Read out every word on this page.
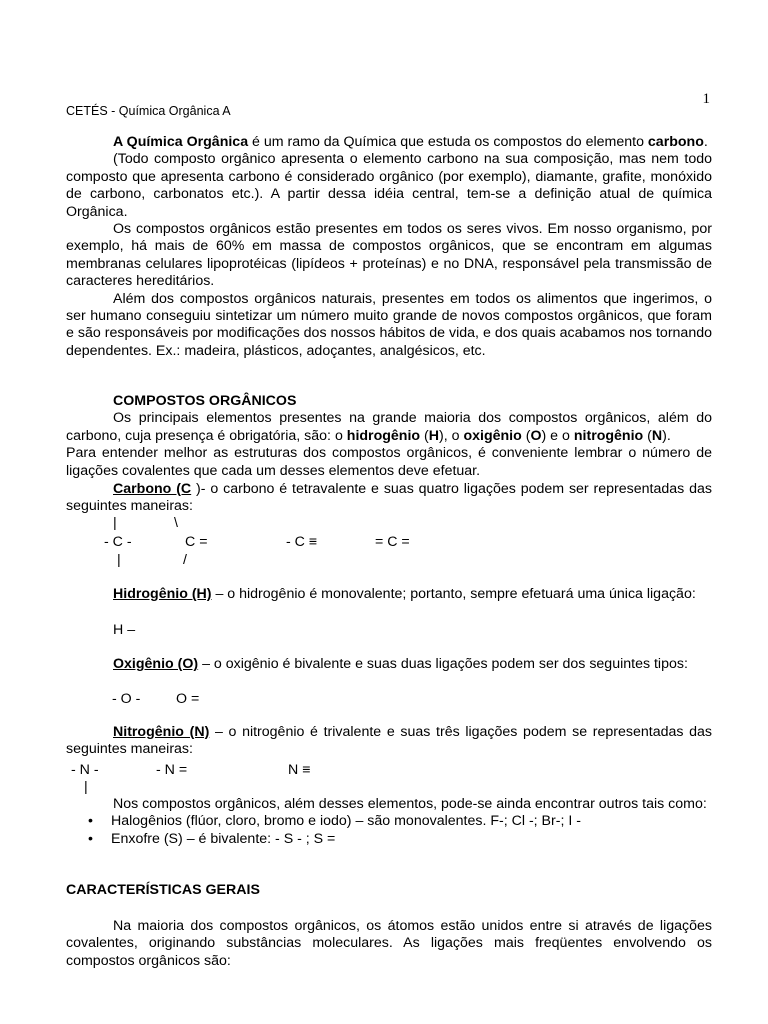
1
CETÉS - Química Orgânica A

A Química Orgânica é um ramo da Química que estuda os compostos do elemento carbono.

(Todo composto orgânico apresenta o elemento carbono na sua composição, mas nem todo composto que apresenta carbono é considerado orgânico (por exemplo), diamante, grafite, monóxido de carbono, carbonatos etc.). A partir dessa idéia central, tem-se a definição atual de química Orgânica.

Os compostos orgânicos estão presentes em todos os seres vivos. Em nosso organismo, por exemplo, há mais de 60% em massa de compostos orgânicos, que se encontram em algumas membranas celulares lipoprotéicas (lipídeos + proteínas) e no DNA, responsável pela transmissão de caracteres hereditários.

Além dos compostos orgânicos naturais, presentes em todos os alimentos que ingerimos, o ser humano conseguiu sintetizar um número muito grande de novos compostos orgânicos, que foram e são responsáveis por modificações dos nossos hábitos de vida, e dos quais acabamos nos tornando dependentes. Ex.: madeira, plásticos, adoçantes, analgésicos, etc.

COMPOSTOS ORGÂNICOS

Os principais elementos presentes na grande maioria dos compostos orgânicos, além do carbono, cuja presença é obrigatória, são: o hidrogênio (H), o oxigênio (O) e o nitrogênio (N).

Para entender melhor as estruturas dos compostos orgânicos, é conveniente lembrar o número de ligações covalentes que cada um desses elementos deve efetuar.

Carbono (C )- o carbono é tetravalente e suas quatro ligações podem ser representadas das seguintes maneiras:

|
- C -
|
\
C =
/
- C ≡	= C =

Hidrogênio (H) – o hidrogênio é monovalente; portanto, sempre efetuará uma única ligação:

H –

Oxigênio (O) – o oxigênio é bivalente e suas duas ligações podem ser dos seguintes tipos:

- O -	O =

Nitrogênio (N) – o nitrogênio é trivalente e suas três ligações podem se representadas das seguintes maneiras:

- N -
|
- N =	N ≡

Nos compostos orgânicos, além desses elementos, pode-se ainda encontrar outros tais como:

• Halogênios (flúor, cloro, bromo e iodo) – são monovalentes. F-; Cl -; Br-; I -
• Enxofre (S) – é bivalente: - S - ; S =

CARACTERÍSTICAS GERAIS

Na maioria dos compostos orgânicos, os átomos estão unidos entre si através de ligações covalentes, originando substâncias moleculares. As ligações mais freqüentes envolvendo os compostos orgânicos são:
